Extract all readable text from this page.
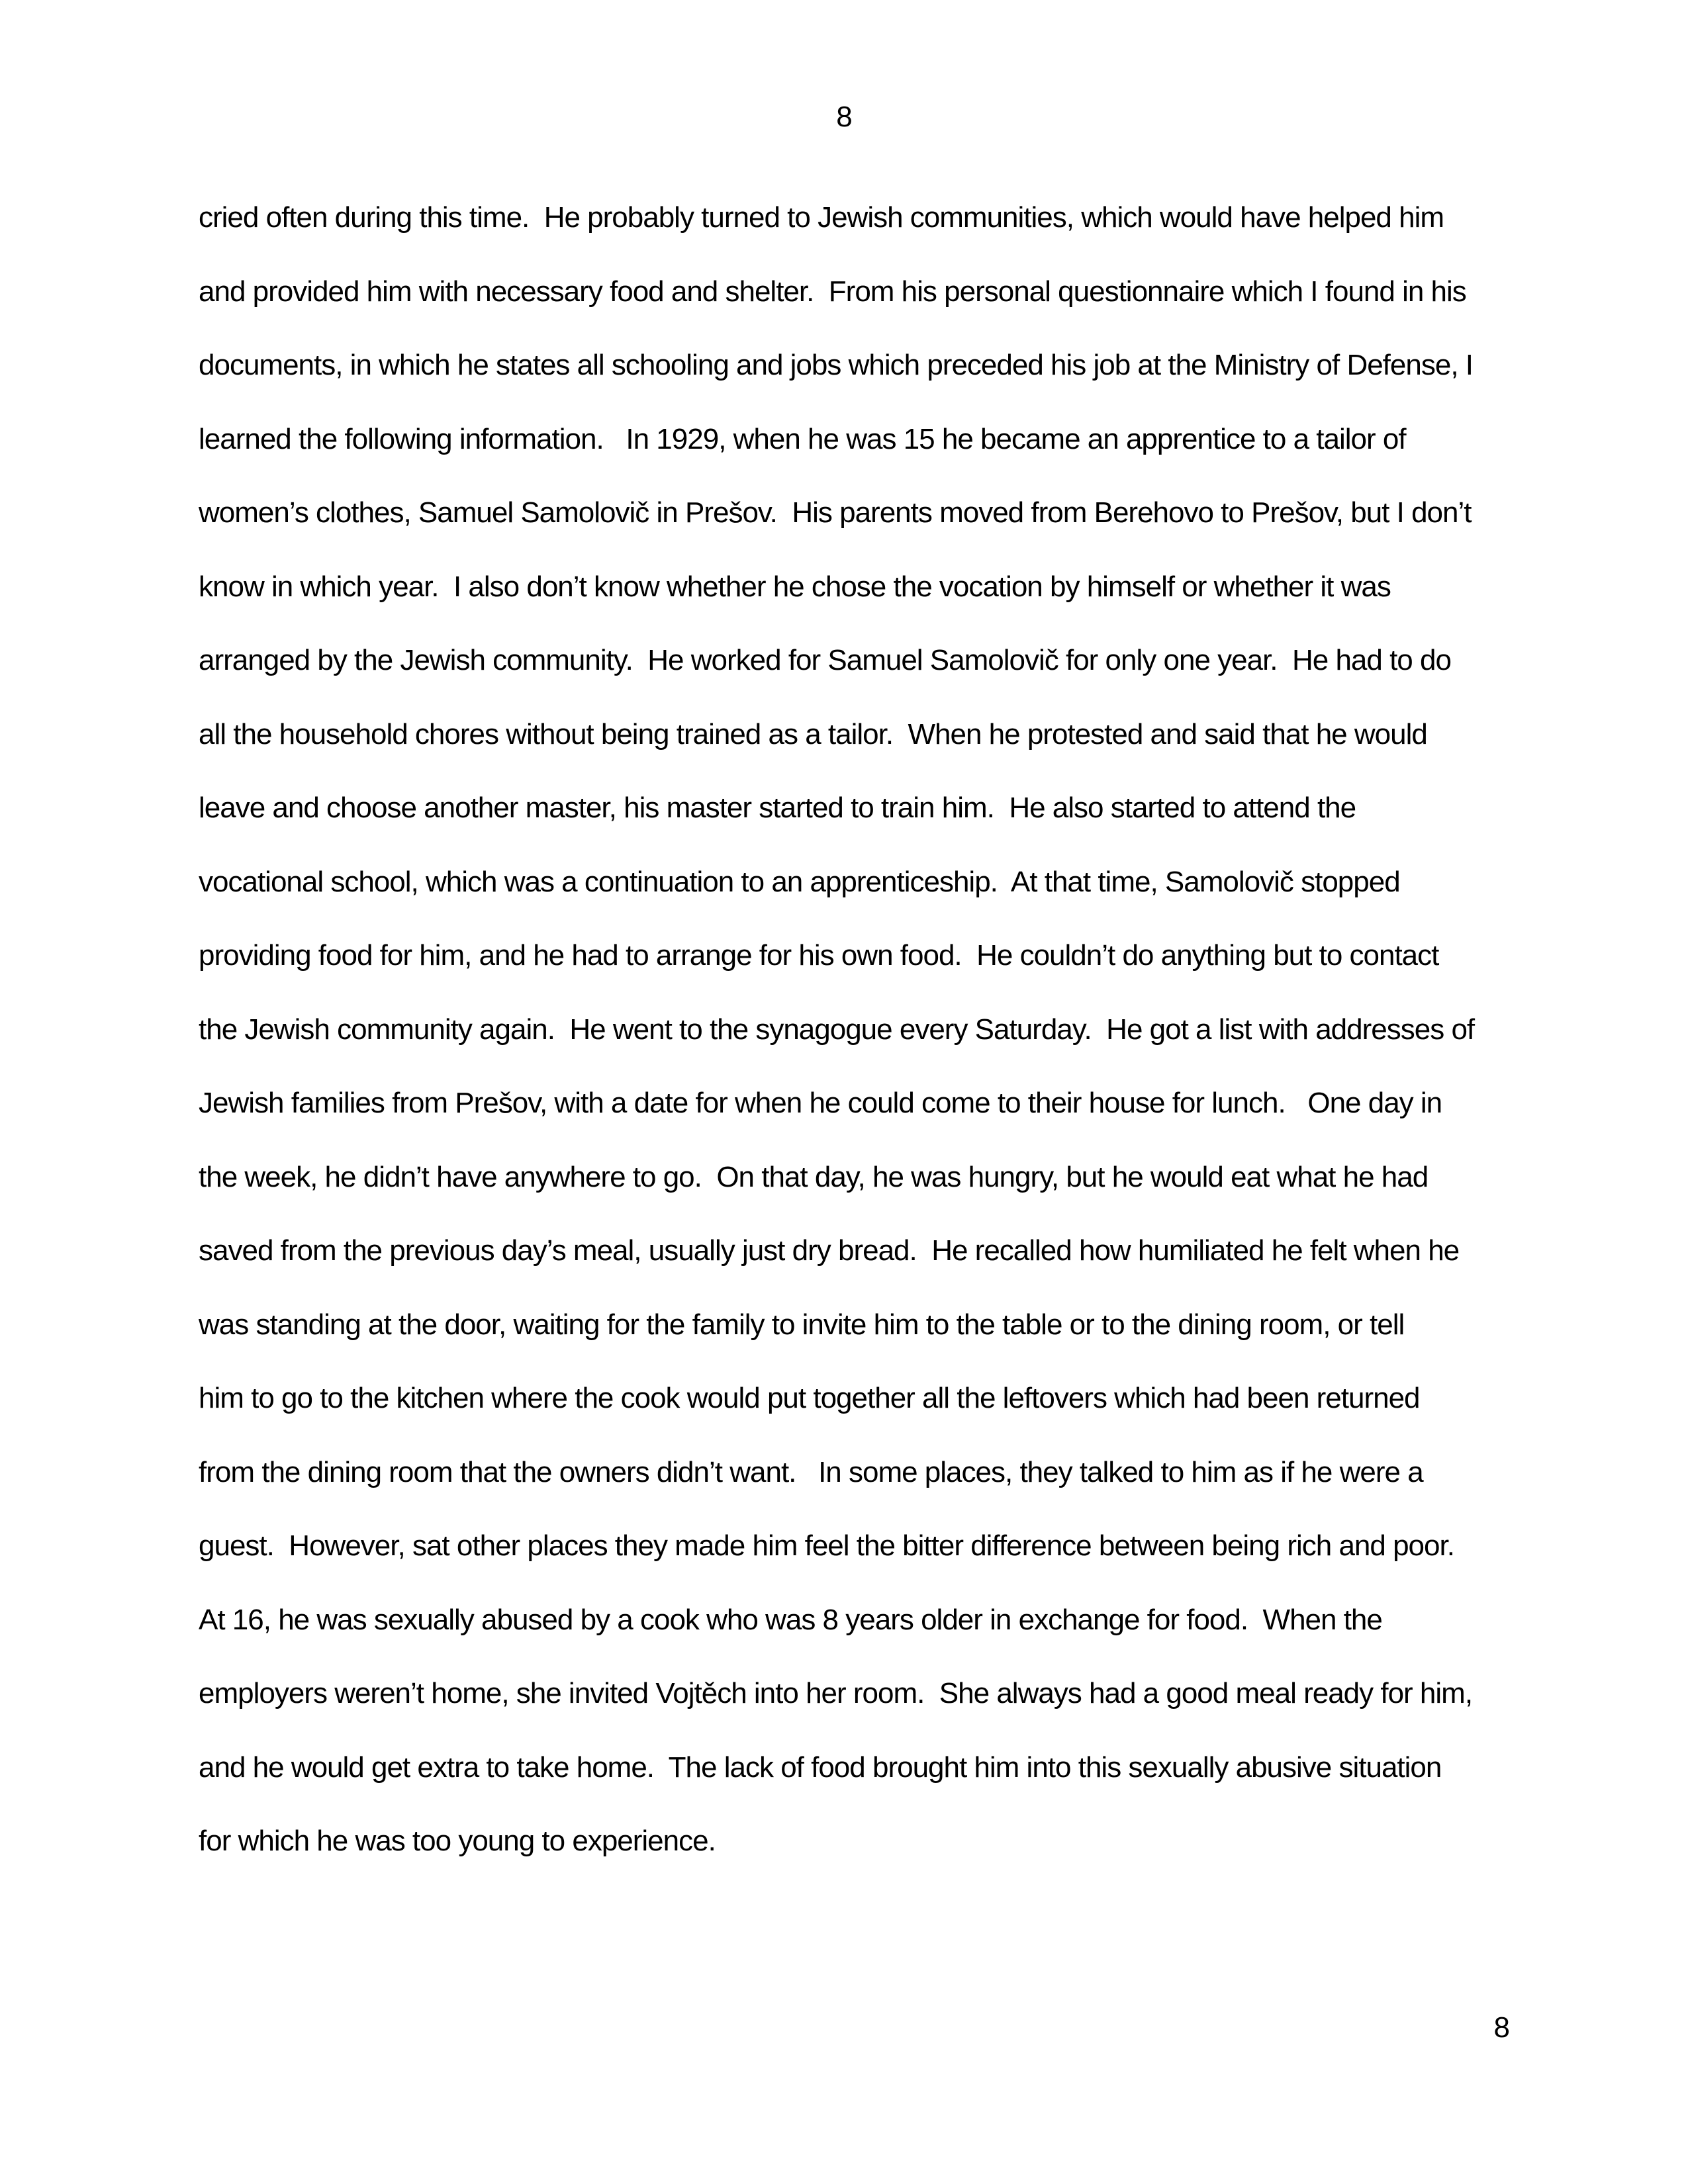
8
cried often during this time.  He probably turned to Jewish communities, which would have helped him
and provided him with necessary food and shelter.  From his personal questionnaire which I found in his
documents, in which he states all schooling and jobs which preceded his job at the Ministry of Defense, I
learned the following information.   In 1929, when he was 15 he became an apprentice to a tailor of
women’s clothes, Samuel Samolovič in Prešov.  His parents moved from Berehovo to Prešov, but I don’t
know in which year.  I also don’t know whether he chose the vocation by himself or whether it was
arranged by the Jewish community.  He worked for Samuel Samolovič for only one year.  He had to do
all the household chores without being trained as a tailor.  When he protested and said that he would
leave and choose another master, his master started to train him.  He also started to attend the
vocational school, which was a continuation to an apprenticeship.  At that time, Samolovič stopped
providing food for him, and he had to arrange for his own food.  He couldn’t do anything but to contact
the Jewish community again.  He went to the synagogue every Saturday.  He got a list with addresses of
Jewish families from Prešov, with a date for when he could come to their house for lunch.   One day in
the week, he didn’t have anywhere to go.  On that day, he was hungry, but he would eat what he had
saved from the previous day’s meal, usually just dry bread.  He recalled how humiliated he felt when he
was standing at the door, waiting for the family to invite him to the table or to the dining room, or tell
him to go to the kitchen where the cook would put together all the leftovers which had been returned
from the dining room that the owners didn’t want.   In some places, they talked to him as if he were a
guest.  However, sat other places they made him feel the bitter difference between being rich and poor.
At 16, he was sexually abused by a cook who was 8 years older in exchange for food.  When the
employers weren’t home, she invited Vojtěch into her room.  She always had a good meal ready for him,
and he would get extra to take home.  The lack of food brought him into this sexually abusive situation
for which he was too young to experience.
8
